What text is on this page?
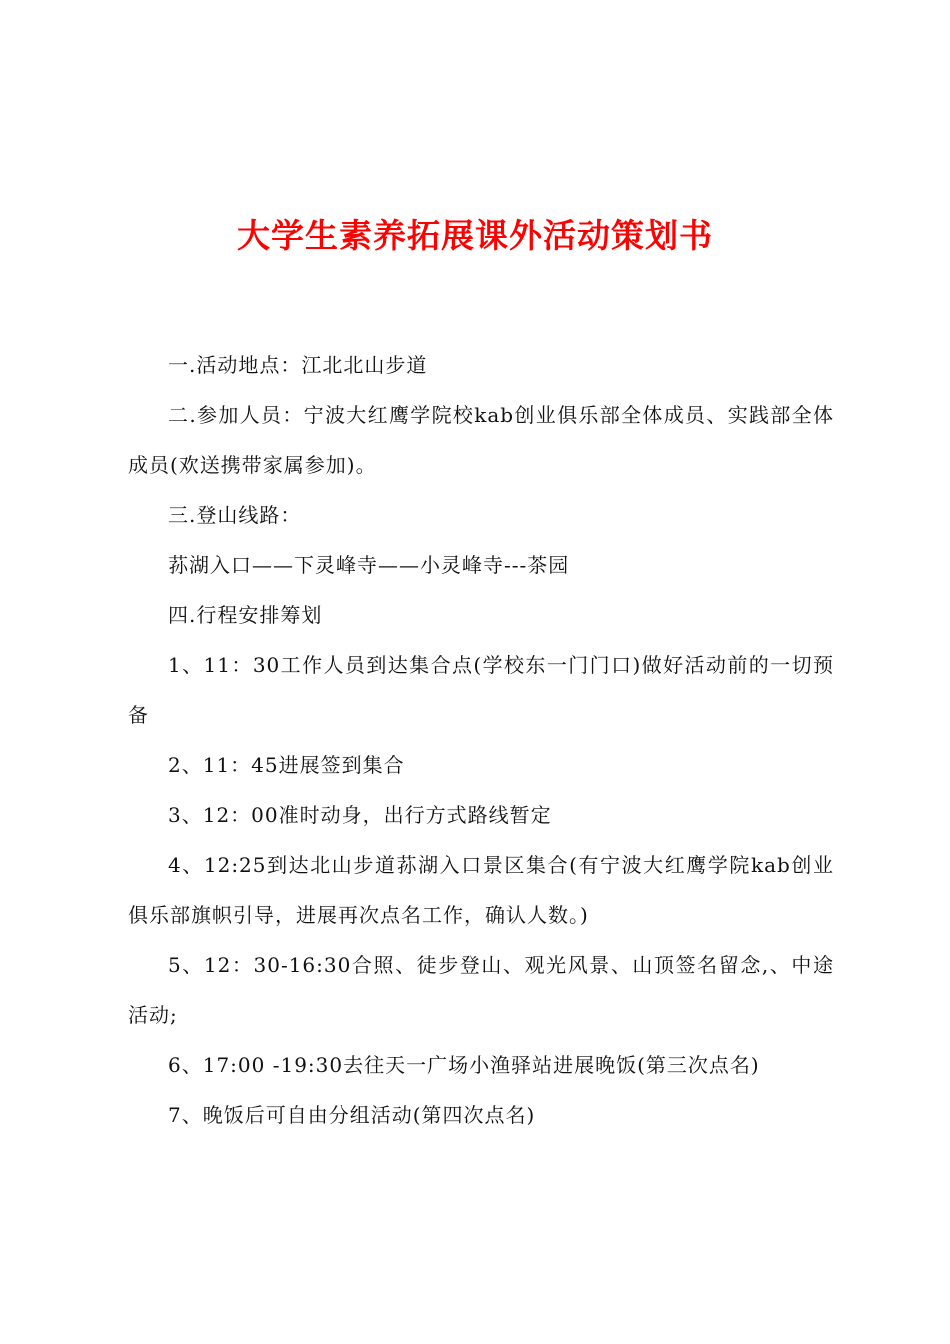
大学生素养拓展课外活动策划书

一.活动地点：江北北山步道

二.参加人员：宁波大红鹰学院校kab创业俱乐部全体成员、实践部全体成员(欢送携带家属参加)。

三.登山线路：

荪湖入口——下灵峰寺——小灵峰寺---茶园

四.行程安排筹划

1、11：30工作人员到达集合点(学校东一门门口)做好活动前的一切预备

2、11：45进展签到集合

3、12：00准时动身，出行方式路线暂定

4、12:25到达北山步道荪湖入口景区集合(有宁波大红鹰学院kab创业俱乐部旗帜引导，进展再次点名工作，确认人数。)

5、12：30-16:30合照、徒步登山、观光风景、山顶签名留念,、中途活动;

6、17:00 -19:30去往天一广场小渔驿站进展晚饭(第三次点名)

7、晚饭后可自由分组活动(第四次点名)
